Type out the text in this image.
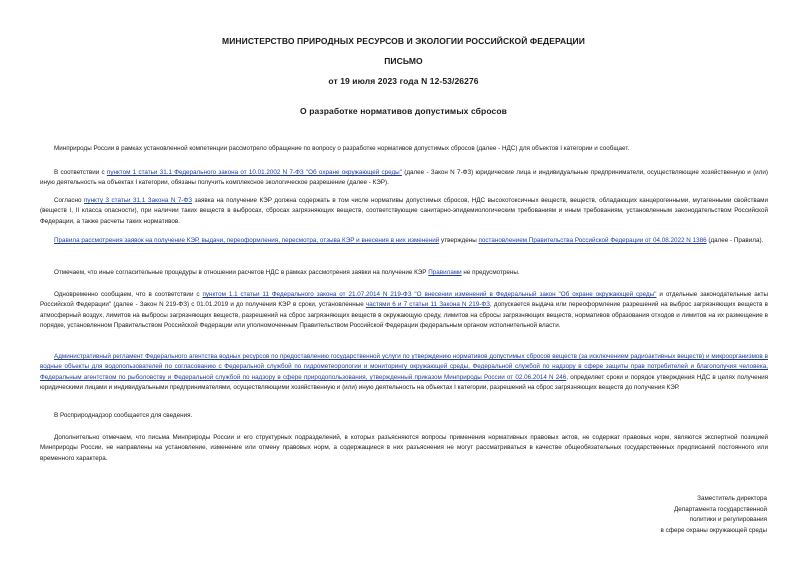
МИНИСТЕРСТВО ПРИРОДНЫХ РЕСУРСОВ И ЭКОЛОГИИ РОССИЙСКОЙ ФЕДЕРАЦИИ
ПИСЬМО
от 19 июля 2023 года N 12-53/26276
О разработке нормативов допустимых сбросов
Минприроды России в рамках установленной компетенции рассмотрело обращение по вопросу о разработке нормативов допустимых сбросов (далее - НДС) для объектов I категории и сообщает.
В соответствии с пунктом 1 статьи 31.1 Федерального закона от 10.01.2002 N 7-ФЗ "Об охране окружающей среды" (далее - Закон N 7-ФЗ) юридические лица и индивидуальные предприниматели, осуществляющие хозяйственную и (или) иную деятельность на объектах I категории, обязаны получить комплексное экологическое разрешение (далее - КЭР).
Согласно пункту 3 статьи 31.1 Закона N 7-ФЗ заявка на получение КЭР должна содержать в том числе нормативы допустимых сбросов, НДС высокотоксичных веществ, веществ, обладающих канцерогенными, мутагенными свойствами (веществ I, II класса опасности), при наличии таких веществ в выбросах, сбросах загрязняющих веществ, соответствующие санитарно-эпидемиологическим требованиям и иным требованиям, установленным законодательством Российской Федерации, а также расчеты таких нормативов.
Правила рассмотрения заявок на получение КЭР, выдачи, переоформления, пересмотра, отзыва КЭР и внесения в них изменений утверждены постановлением Правительства Российской Федерации от 04.08.2022 N 1386 (далее - Правила).
Отмечаем, что иные согласительные процедуры в отношении расчетов НДС в рамках рассмотрения заявки на получение КЭР Правилами не предусмотрены.
Одновременно сообщаем, что в соответствии с пунктом 1.1 статьи 11 Федерального закона от 21.07.2014 N 219-ФЗ "О внесении изменений в Федеральный закон "Об охране окружающей среды" и отдельные законодательные акты Российской Федерации" (далее - Закон N 219-ФЗ) с 01.01.2019 и до получения КЭР в сроки, установленные частями 6 и 7 статьи 11 Закона N 219-ФЗ, допускается выдача или переоформление разрешений на выброс загрязняющих веществ в атмосферный воздух, лимитов на выбросы загрязняющих веществ, разрешений на сброс загрязняющих веществ в окружающую среду, лимитов на сбросы загрязняющих веществ, нормативов образования отходов и лимитов на их размещение в порядке, установленном Правительством Российской Федерации или уполномоченным Правительством Российской Федерации федеральным органом исполнительной власти.
Административный регламент Федерального агентства водных ресурсов по предоставлению государственной услуги по утверждению нормативов допустимых сбросов веществ (за исключением радиоактивных веществ) и микроорганизмов в водные объекты для водопользователей по согласованию с Федеральной службой по гидрометеорологии и мониторингу окружающей среды, Федеральной службой по надзору в сфере защиты прав потребителей и благополучия человека, Федеральным агентством по рыболовству и Федеральной службой по надзору в сфере природопользования, утвержденный приказом Минприроды России от 02.06.2014 N 246, определяет сроки и порядок утверждения НДС в целях получения юридическими лицами и индивидуальными предпринимателями, осуществляющими хозяйственную и (или) иную деятельность на объектах I категории, разрешений на сброс загрязняющих веществ до получения КЭР.
В Росприроднадзор сообщается для сведения.
Дополнительно отмечаем, что письма Минприроды России и его структурных подразделений, в которых разъясняются вопросы применения нормативных правовых актов, не содержат правовых норм, являются экспертной позицией Минприроды России, не направлены на установление, изменение или отмену правовых норм, а содержащиеся в них разъяснения не могут рассматриваться в качестве общеобязательных государственных предписаний постоянного или временного характера.
Заместитель директора
Департамента государственной
политики и регулирования
в сфере охраны окружающей среды
